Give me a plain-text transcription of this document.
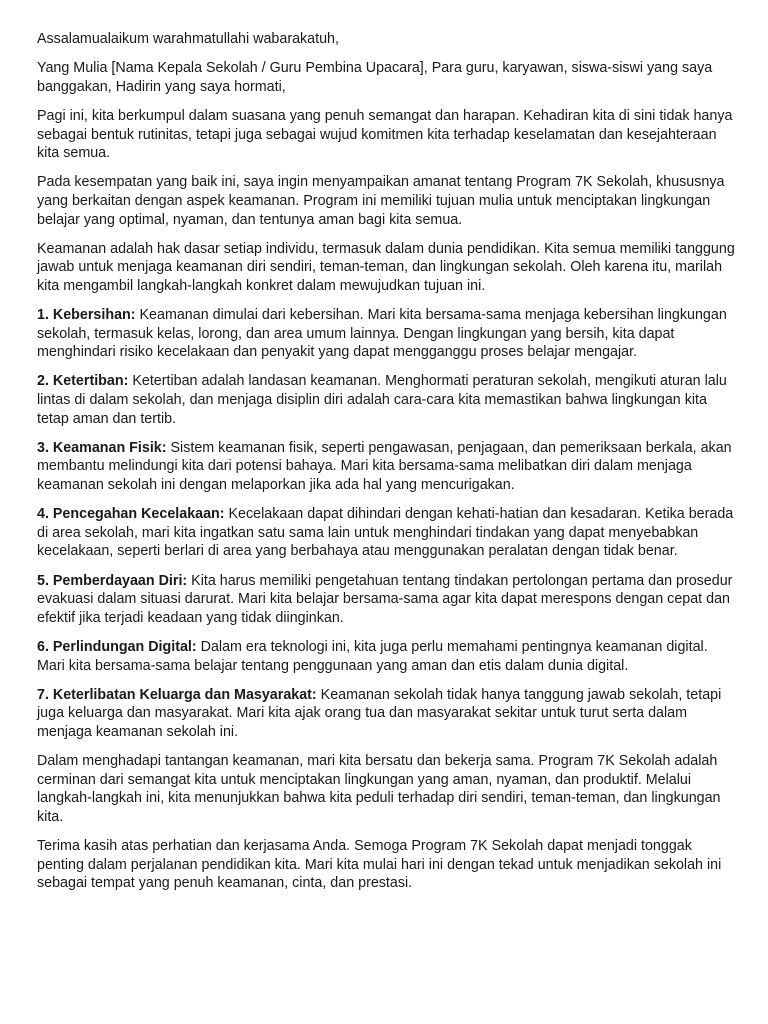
Assalamualaikum warahmatullahi wabarakatuh,

Yang Mulia [Nama Kepala Sekolah / Guru Pembina Upacara], Para guru, karyawan, siswa-siswi yang saya banggakan, Hadirin yang saya hormati,

Pagi ini, kita berkumpul dalam suasana yang penuh semangat dan harapan. Kehadiran kita di sini tidak hanya sebagai bentuk rutinitas, tetapi juga sebagai wujud komitmen kita terhadap keselamatan dan kesejahteraan kita semua.

Pada kesempatan yang baik ini, saya ingin menyampaikan amanat tentang Program 7K Sekolah, khususnya yang berkaitan dengan aspek keamanan. Program ini memiliki tujuan mulia untuk menciptakan lingkungan belajar yang optimal, nyaman, dan tentunya aman bagi kita semua.

Keamanan adalah hak dasar setiap individu, termasuk dalam dunia pendidikan. Kita semua memiliki tanggung jawab untuk menjaga keamanan diri sendiri, teman-teman, dan lingkungan sekolah. Oleh karena itu, marilah kita mengambil langkah-langkah konkret dalam mewujudkan tujuan ini.

1. Kebersihan: Keamanan dimulai dari kebersihan. Mari kita bersama-sama menjaga kebersihan lingkungan sekolah, termasuk kelas, lorong, dan area umum lainnya. Dengan lingkungan yang bersih, kita dapat menghindari risiko kecelakaan dan penyakit yang dapat mengganggu proses belajar mengajar.

2. Ketertiban: Ketertiban adalah landasan keamanan. Menghormati peraturan sekolah, mengikuti aturan lalu lintas di dalam sekolah, dan menjaga disiplin diri adalah cara-cara kita memastikan bahwa lingkungan kita tetap aman dan tertib.

3. Keamanan Fisik: Sistem keamanan fisik, seperti pengawasan, penjagaan, dan pemeriksaan berkala, akan membantu melindungi kita dari potensi bahaya. Mari kita bersama-sama melibatkan diri dalam menjaga keamanan sekolah ini dengan melaporkan jika ada hal yang mencurigakan.

4. Pencegahan Kecelakaan: Kecelakaan dapat dihindari dengan kehati-hatian dan kesadaran. Ketika berada di area sekolah, mari kita ingatkan satu sama lain untuk menghindari tindakan yang dapat menyebabkan kecelakaan, seperti berlari di area yang berbahaya atau menggunakan peralatan dengan tidak benar.

5. Pemberdayaan Diri: Kita harus memiliki pengetahuan tentang tindakan pertolongan pertama dan prosedur evakuasi dalam situasi darurat. Mari kita belajar bersama-sama agar kita dapat merespons dengan cepat dan efektif jika terjadi keadaan yang tidak diinginkan.

6. Perlindungan Digital: Dalam era teknologi ini, kita juga perlu memahami pentingnya keamanan digital. Mari kita bersama-sama belajar tentang penggunaan yang aman dan etis dalam dunia digital.

7. Keterlibatan Keluarga dan Masyarakat: Keamanan sekolah tidak hanya tanggung jawab sekolah, tetapi juga keluarga dan masyarakat. Mari kita ajak orang tua dan masyarakat sekitar untuk turut serta dalam menjaga keamanan sekolah ini.

Dalam menghadapi tantangan keamanan, mari kita bersatu dan bekerja sama. Program 7K Sekolah adalah cerminan dari semangat kita untuk menciptakan lingkungan yang aman, nyaman, dan produktif. Melalui langkah-langkah ini, kita menunjukkan bahwa kita peduli terhadap diri sendiri, teman-teman, dan lingkungan kita.

Terima kasih atas perhatian dan kerjasama Anda. Semoga Program 7K Sekolah dapat menjadi tonggak penting dalam perjalanan pendidikan kita. Mari kita mulai hari ini dengan tekad untuk menjadikan sekolah ini sebagai tempat yang penuh keamanan, cinta, dan prestasi.
